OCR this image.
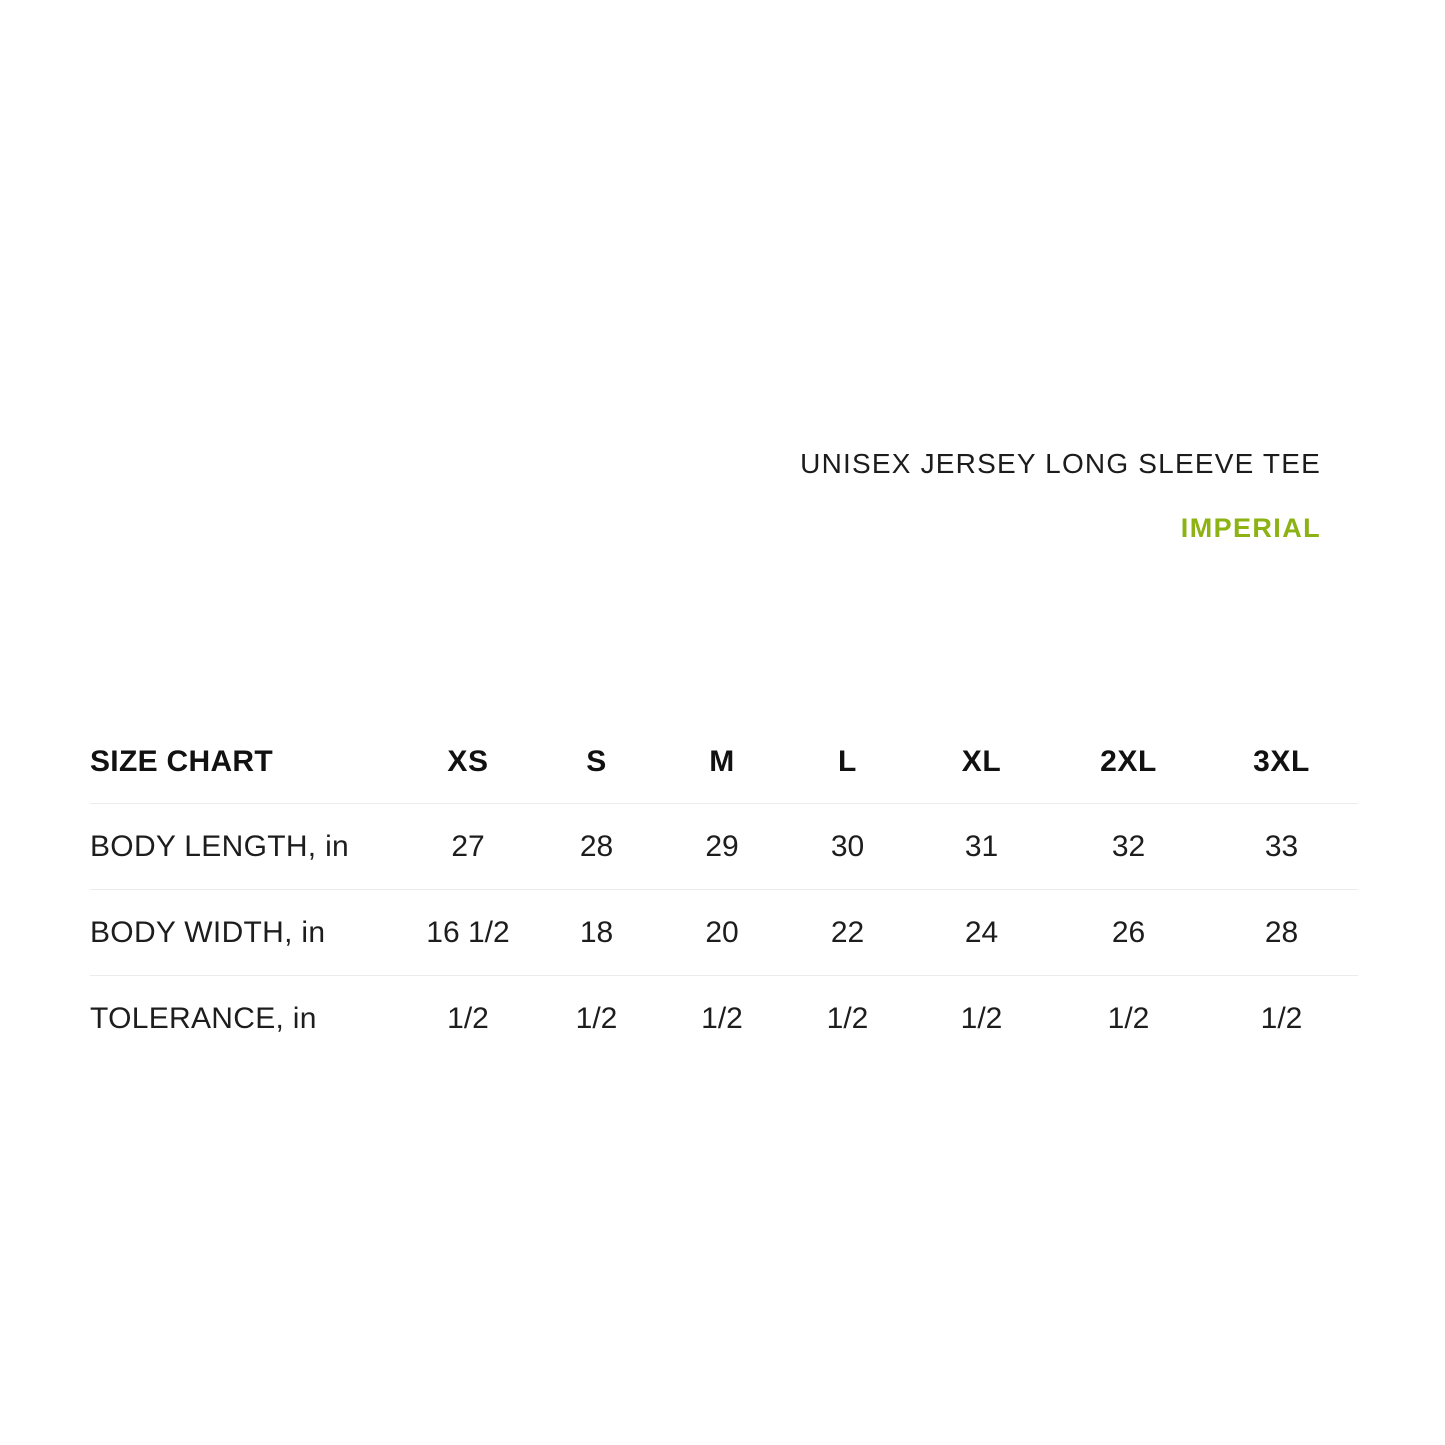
UNISEX JERSEY LONG SLEEVE TEE
IMPERIAL
SIZE CHART	XS	S	M	L	XL	2XL	3XL
BODY LENGTH, in	27	28	29	30	31	32	33
BODY WIDTH, in	16 1/2	18	20	22	24	26	28
TOLERANCE, in	1/2	1/2	1/2	1/2	1/2	1/2	1/2
